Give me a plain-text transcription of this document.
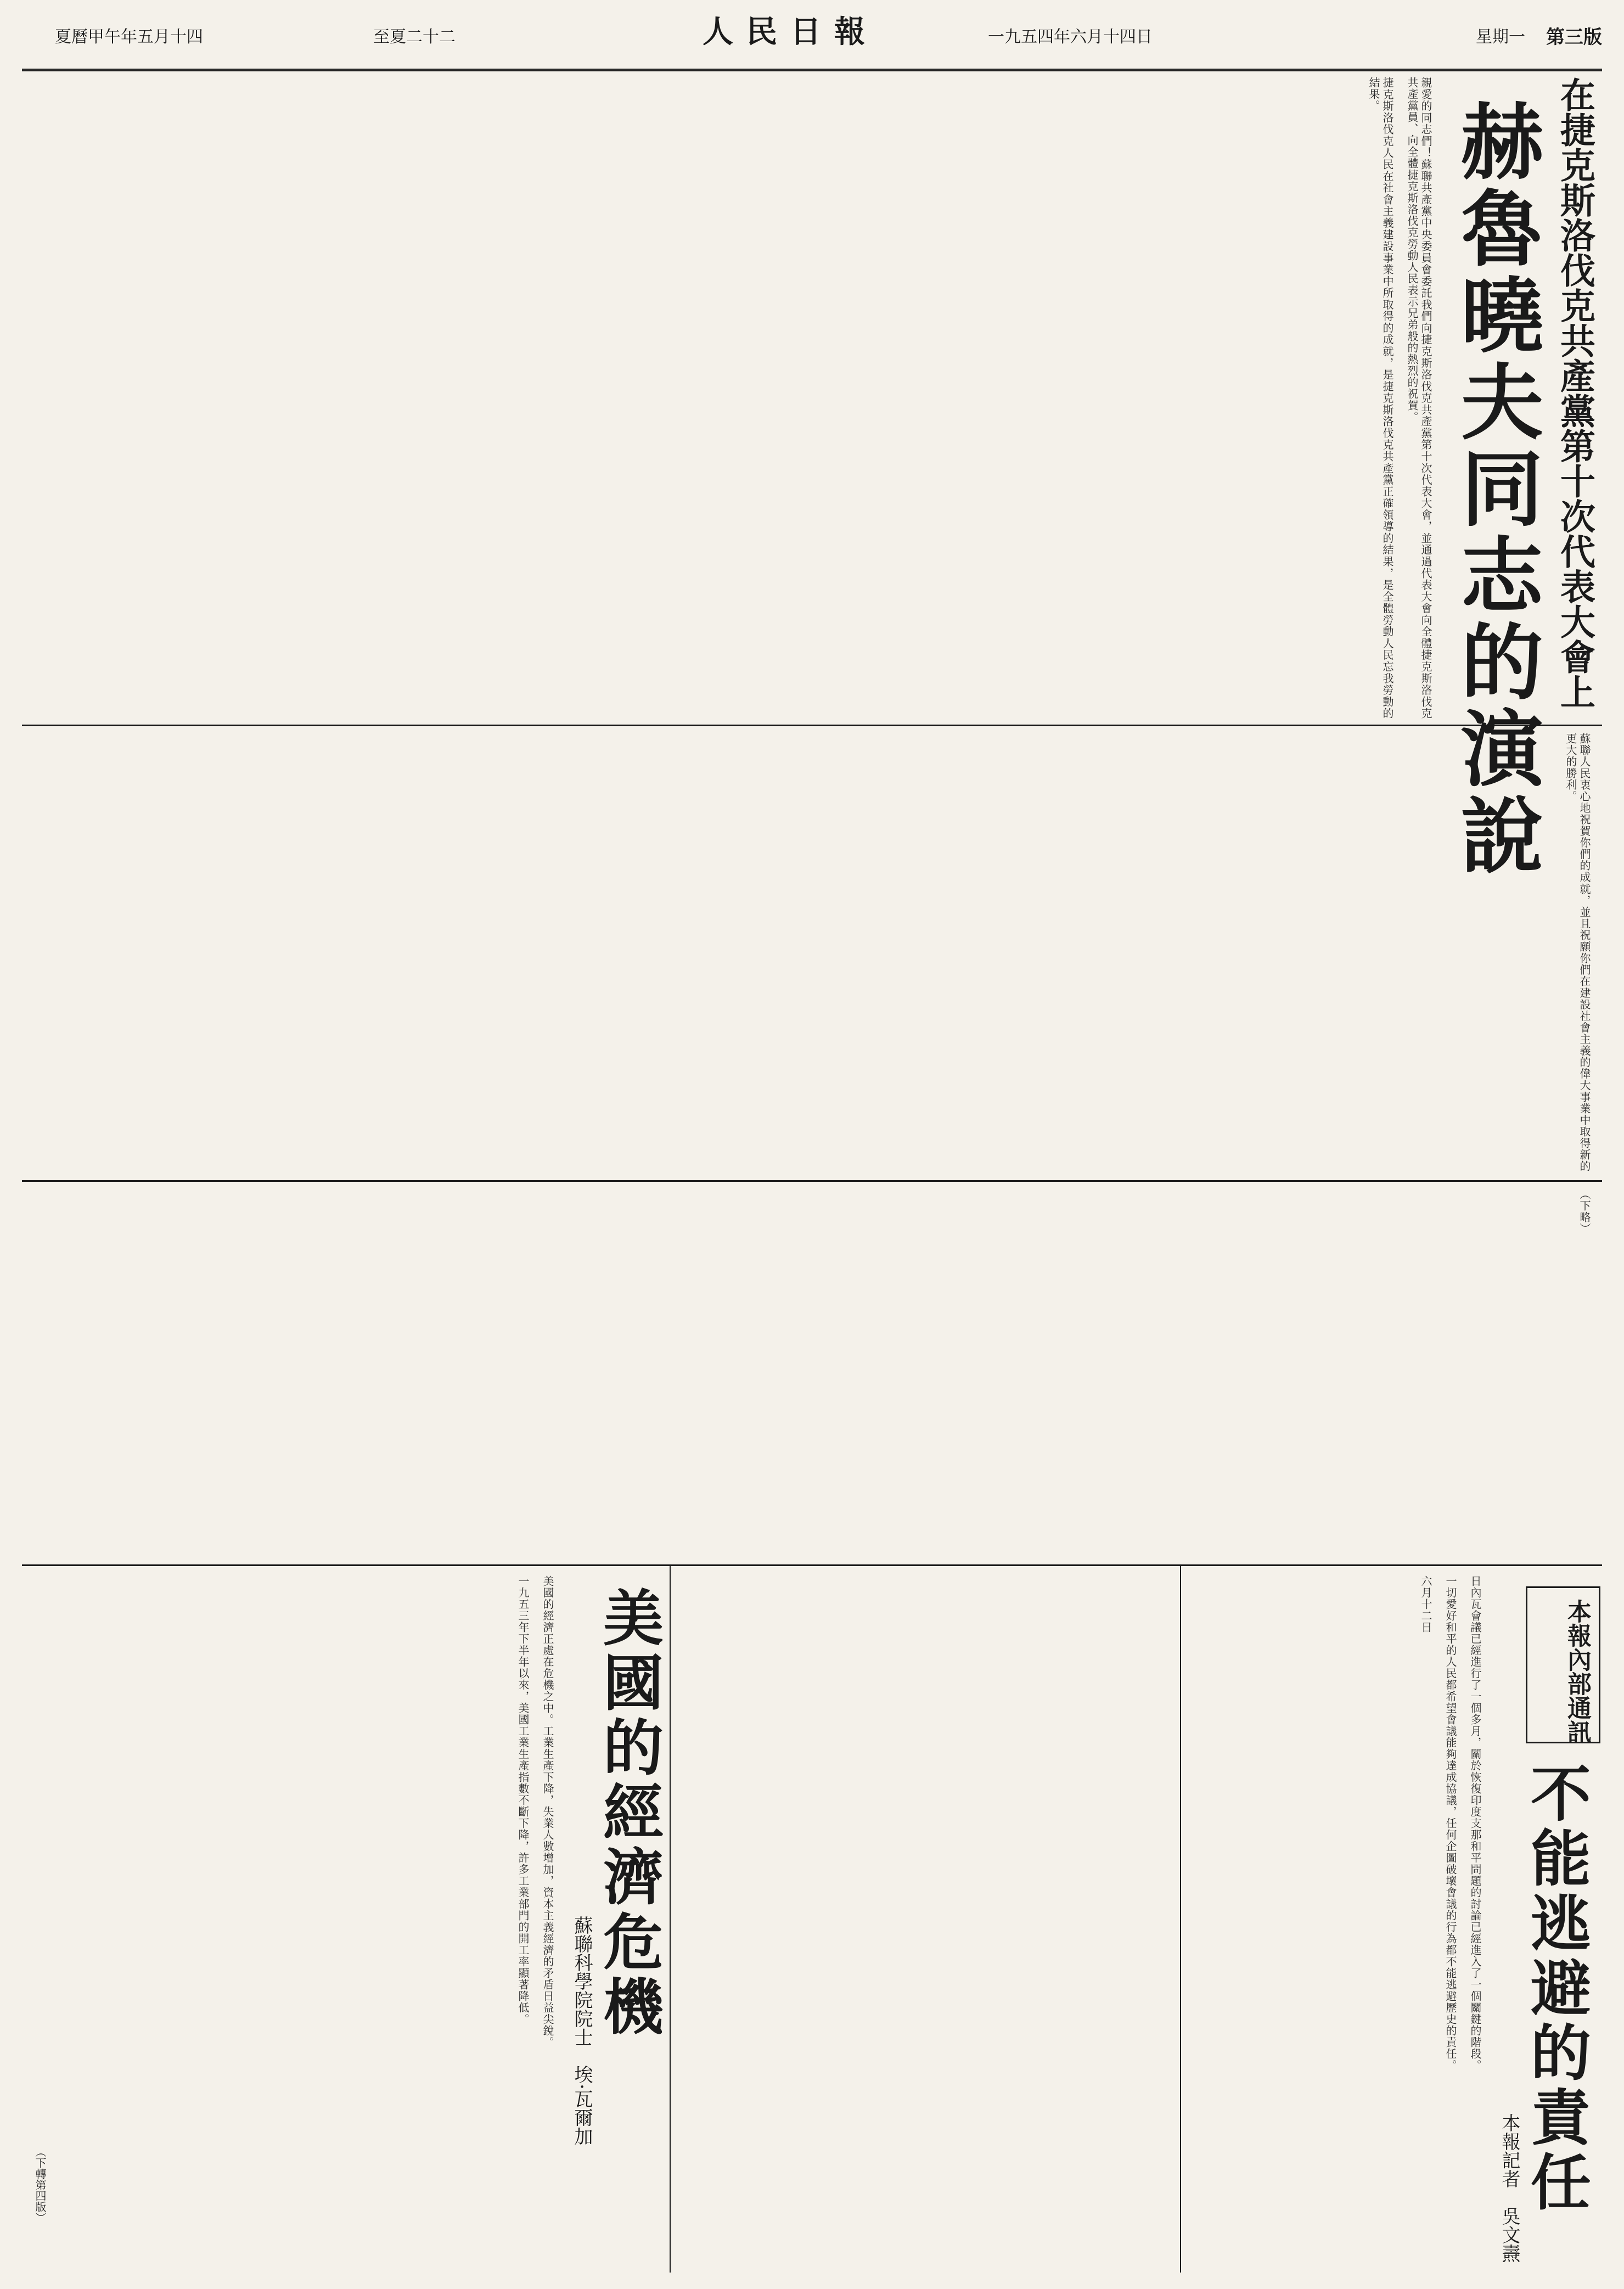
第三版
星期一
一九五四年六月十四日
人民日報
至夏二十二
夏曆甲午年五月十四
在捷克斯洛伐克共產黨第十次代表大會上
赫魯曉夫同志的演說

親愛的同志們！蘇聯共產黨中央委員會委託我們向捷克斯洛伐克共產黨第十次代表大會，並通過代表大會向全體捷克斯洛伐克共產黨員、向全體捷克斯洛伐克勞動人民表示兄弟般的熱烈的祝賀。

捷克斯洛伐克人民在社會主義建設事業中所取得的成就，是捷克斯洛伐克共產黨正確領導的結果，是全體勞動人民忘我勞動的結果。

蘇聯人民衷心地祝賀你們的成就，並且祝願你們在建設社會主義的偉大事業中取得新的更大的勝利。

（下略）

美國的經濟危機
蘇聯科學院院士　埃·瓦爾加

美國的經濟正處在危機之中。工業生產下降，失業人數增加，資本主義經濟的矛盾日益尖銳。

一九五三年下半年以來，美國工業生產指數不斷下降，許多工業部門的開工率顯著降低。

（下轉第四版）
本報內部通訊
不能逃避的責任
本報記者　吳文燾

日內瓦會議已經進行了一個多月，關於恢復印度支那和平問題的討論已經進入了一個關鍵的階段。

一切愛好和平的人民都希望會議能夠達成協議，任何企圖破壞會議的行為都不能逃避歷史的責任。

六月十二日
